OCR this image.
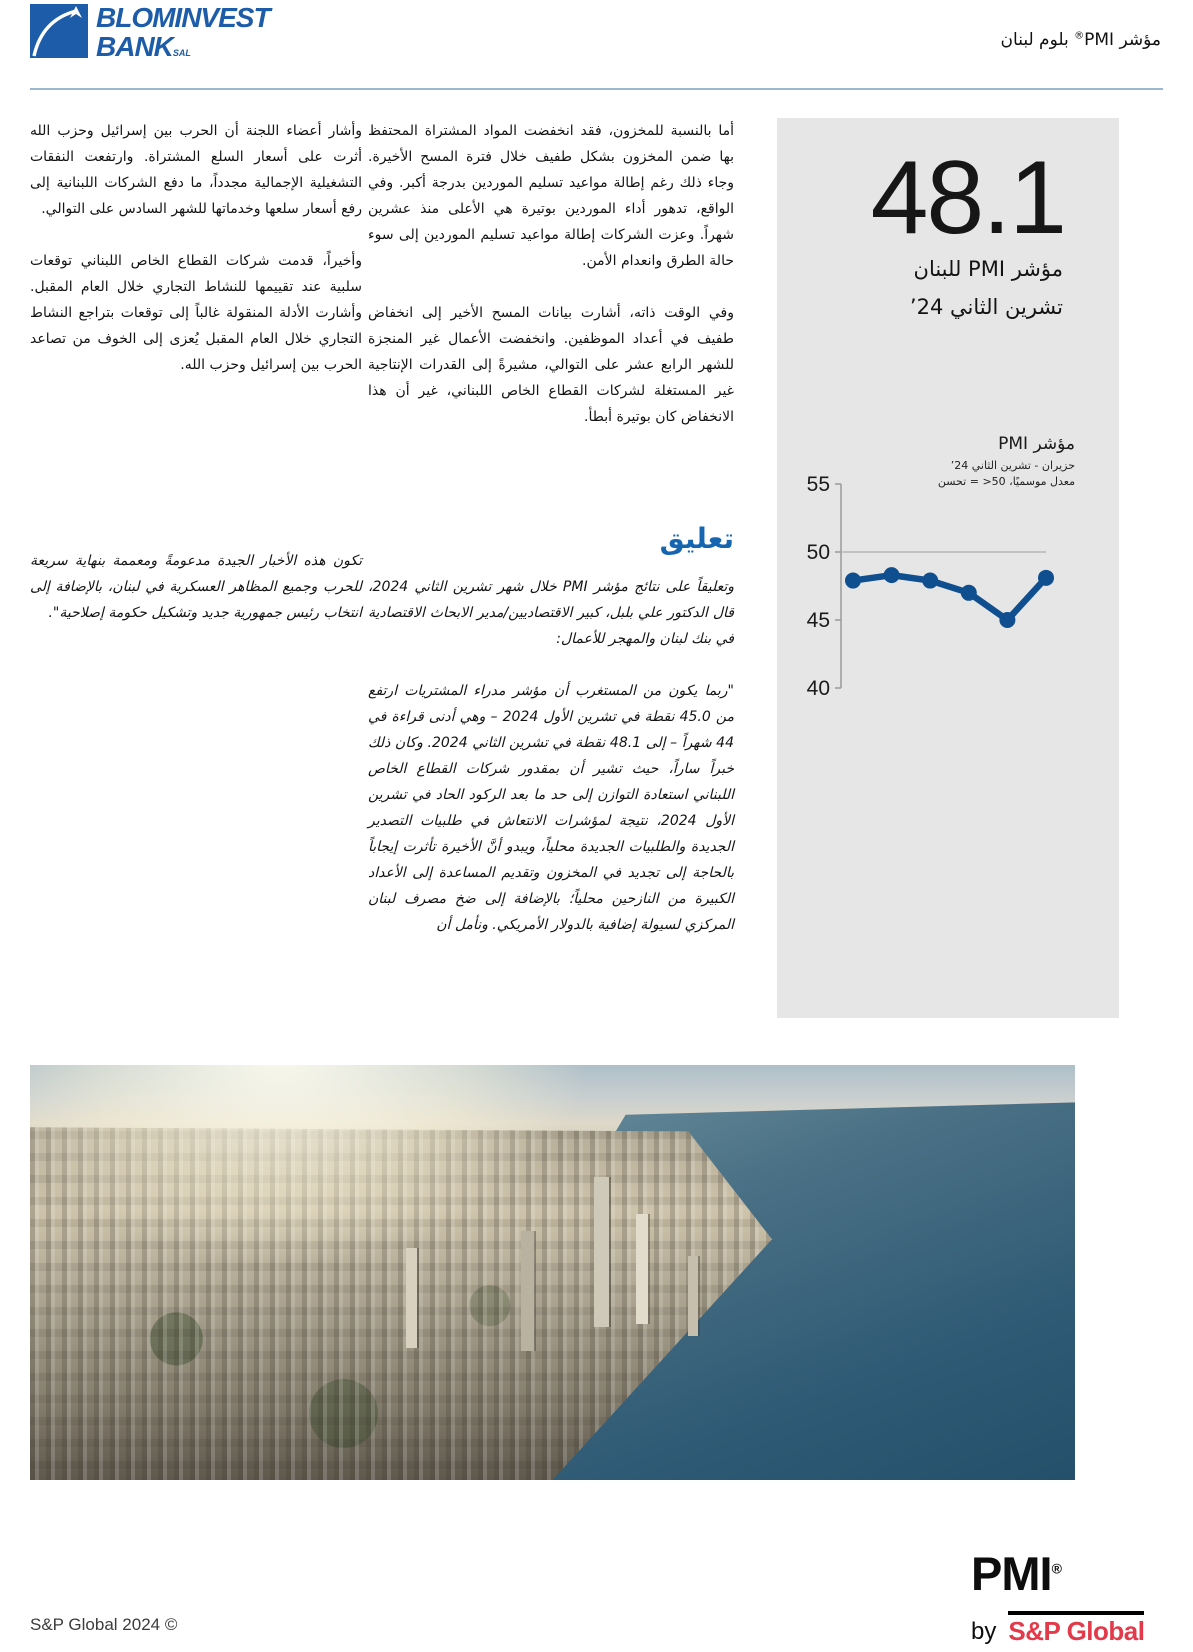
BLOMINVEST
BANKSAL
مؤشر ®PMI بلوم لبنان

وأشار أعضاء اللجنة أن الحرب بين إسرائيل وحزب الله أثرت على أسعار السلع المشتراة. وارتفعت النفقات التشغيلية الإجمالية مجدداً، ما دفع الشركات اللبنانية إلى رفع أسعار سلعها وخدماتها للشهر السادس على التوالي.

وأخيراً، قدمت شركات القطاع الخاص اللبناني توقعات سلبية عند تقييمها للنشاط التجاري خلال العام المقبل. وأشارت الأدلة المنقولة غالباً إلى توقعات بتراجع النشاط التجاري خلال العام المقبل يُعزى إلى الخوف من تصاعد الحرب بين إسرائيل وحزب الله.

تكون هذه الأخبار الجيدة مدعومةً ومعممة بنهاية سريعة للحرب وجميع المظاهر العسكرية في لبنان، بالإضافة إلى انتخاب رئيس جمهورية جديد وتشكيل حكومة إصلاحية".

أما بالنسبة للمخزون، فقد انخفضت المواد المشتراة المحتفظ بها ضمن المخزون بشكل طفيف خلال فترة المسح الأخيرة. وجاء ذلك رغم إطالة مواعيد تسليم الموردين بدرجة أكبر. وفي الواقع، تدهور أداء الموردين بوتيرة هي الأعلى منذ عشرين شهراً. وعزت الشركات إطالة مواعيد تسليم الموردين إلى سوء حالة الطرق وانعدام الأمن.

وفي الوقت ذاته، أشارت بيانات المسح الأخير إلى انخفاض طفيف في أعداد الموظفين. وانخفضت الأعمال غير المنجزة للشهر الرابع عشر على التوالي، مشيرةً إلى القدرات الإنتاجية غير المستغلة لشركات القطاع الخاص اللبناني، غير أن هذا الانخفاض كان بوتيرة أبطأ.

تعليق

وتعليقاً على نتائج مؤشر PMI خلال شهر تشرين الثاني 2024، قال الدكتور علي بلبل، كبير الاقتصاديين/مدير الابحاث الاقتصادية في بنك لبنان والمهجر للأعمال:

"ربما يكون من المستغرب أن مؤشر مدراء المشتريات ارتفع من 45.0 نقطة في تشرين الأول 2024 – وهي أدنى قراءة في 44 شهراً – إلى 48.1 نقطة في تشرين الثاني 2024. وكان ذلك خبراً ساراً، حيث تشير أن بمقدور شركات القطاع الخاص اللبناني استعادة التوازن إلى حد ما بعد الركود الحاد في تشرين الأول 2024، نتيجة لمؤشرات الانتعاش في طلبيات التصدير الجديدة والطلبيات الجديدة محلياً، ويبدو أنَّ الأخيرة تأثرت إيجاباً بالحاجة إلى تجديد في المخزون وتقديم المساعدة إلى الأعداد الكبيرة من النازحين محلياً؛ بالإضافة إلى ضخ مصرف لبنان المركزي لسيولة إضافية بالدولار الأمريكي. ونأمل أن

48.1
مؤشر PMI للبنان
تشرين الثاني ‎’24
مؤشر PMI
حزيران - تشرين الثاني ‎’24
معدل موسميًا، ‎>50‎ = تحسن
55
50
45
40
PMI®
by S&P Global
S&P Global 2024 ©
